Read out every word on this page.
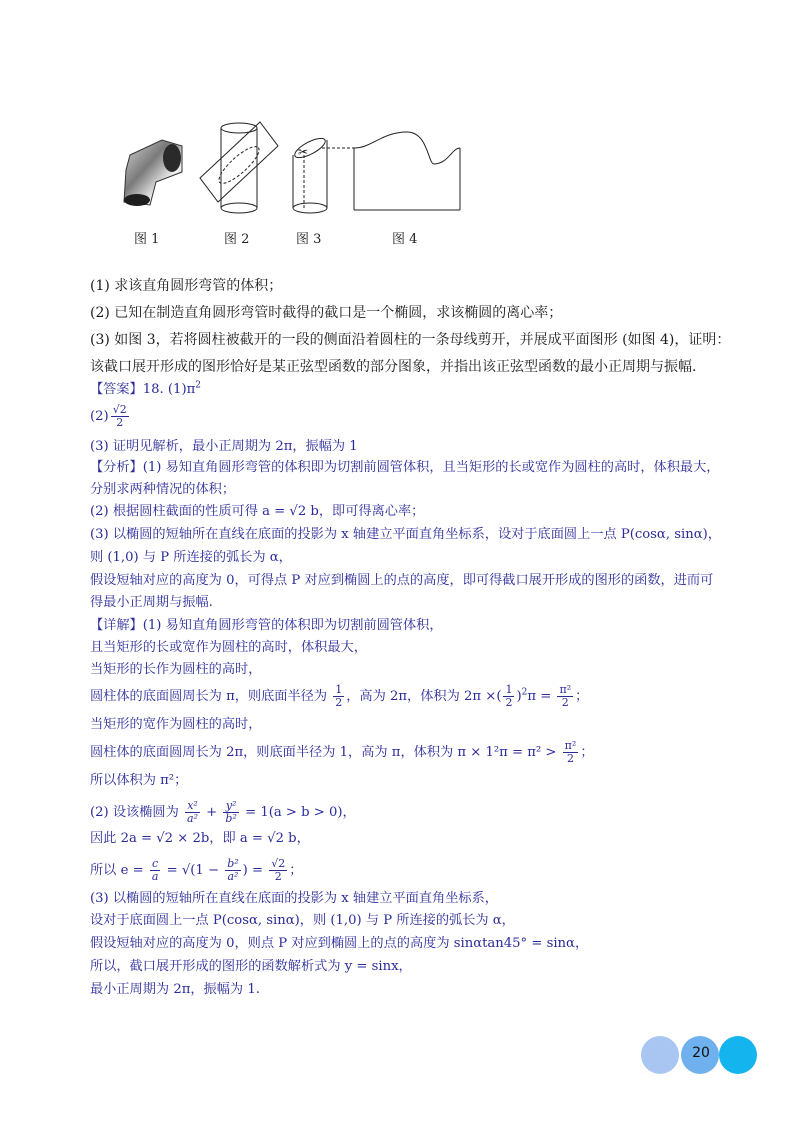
✂
图 1	图 2	图 3	图 4
(1) 求该直角圆形弯管的体积；
(2) 已知在制造直角圆形弯管时截得的截口是一个椭圆，求该椭圆的离心率；
(3) 如图 3，若将圆柱被截开的一段的侧面沿着圆柱的一条母线剪开，并展成平面图形 (如图 4)，证明：
该截口展开形成的图形恰好是某正弦型函数的部分图象，并指出该正弦型函数的最小正周期与振幅.
【答案】18. $(1)\pi^2$
$(2) \frac{√2}{2}$
(3) 证明见解析，最小正周期为 2π，振幅为 1
【分析】(1) 易知直角圆形弯管的体积即为切割前圆管体积，且当矩形的长或宽作为圆柱的高时，体积最大，
分别求两种情况的体积；
(2) 根据圆柱截面的性质可得 a = √2 b，即可得离心率；
(3) 以椭圆的短轴所在直线在底面的投影为 x 轴建立平面直角坐标系，设对于底面圆上一点 P(cosα, sinα)，
则 (1,0) 与 P 所连接的弧长为 α，
假设短轴对应的高度为 0，可得点 P 对应到椭圆上的点的高度，即可得截口展开形成的图形的函数，进而可
得最小正周期与振幅.
【详解】(1) 易知直角圆形弯管的体积即为切割前圆管体积，
且当矩形的长或宽作为圆柱的高时，体积最大，
当矩形的长作为圆柱的高时，
圆柱体的底面圆周长为 π，则底面半径为 $\frac{1}{2}$ ，高为 2π，体积为 2π ×( $\frac{1}{2} )^2\pi = \frac{\text{π²}}{2}$ ；
当矩形的宽作为圆柱的高时，
圆柱体的底面圆周长为 2π，则底面半径为 1，高为 π，体积为 $\pi \times 1^2\pi = \pi^2 > \frac{\text{π²}}{2}$ ；
所以体积为 π²；
(2) 设该椭圆为 $\frac{\text{x²}}{\text{a²}} + \frac{\text{y²}}{\text{b²}} = 1(a > b > 0)$，
因此 2a = √2 × 2b，即 a = √2 b，
所以 $e = \frac{c}{a} = √(1 - \frac{\text{b²}}{\text{a²}}$ ) = $\frac{√2}{2}$ ；
(3) 以椭圆的短轴所在直线在底面的投影为 x 轴建立平面直角坐标系，
设对于底面圆上一点 P(cosα, sinα)，则 (1,0) 与 P 所连接的弧长为 α，
假设短轴对应的高度为 0，则点 P 对应到椭圆上的点的高度为 sinαtan45° = sinα，
所以，截口展开形成的图形的函数解析式为 y = sinx，
最小正周期为 2π，振幅为 1.
20
